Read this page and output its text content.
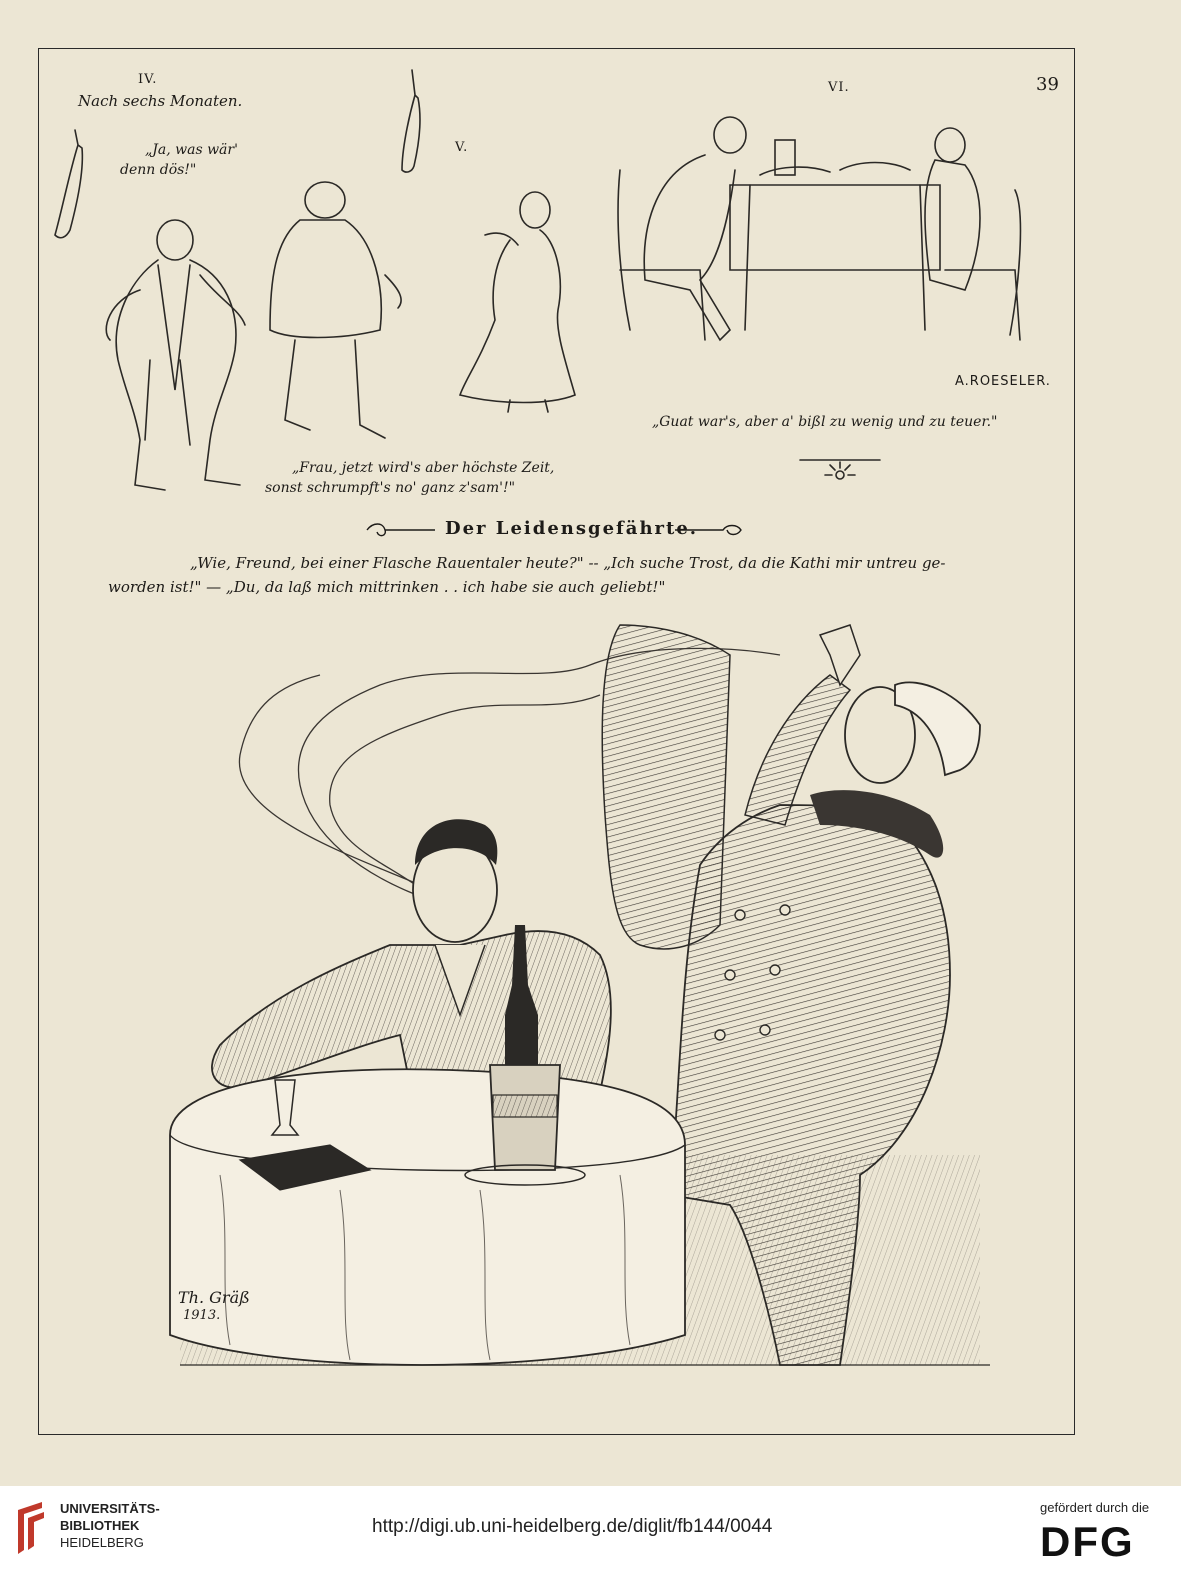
IV.
Nach sechs Monaten.
„Ja, was wär'
denn dös!"
V.
VI.	39
A.ROESELER.
„Guat war's, aber a' bißl zu wenig und zu teuer."
„Frau, jetzt wird's aber höchste Zeit,
sonst schrumpft's no' ganz z'sam'!"
Der Leidensgefährte.
„Wie, Freund, bei einer Flasche Rauentaler heute?" -- „Ich suche Trost, da die Kathi mir untreu ge-
worden ist!" — „Du, da laß mich mittrinken . . ich habe sie auch geliebt!"
Th. Gräß
1913.
UNIVERSITÄTS-
BIBLIOTHEK
HEIDELBERG
http://digi.ub.uni-heidelberg.de/diglit/fb144/0044
gefördert durch die
DFG
